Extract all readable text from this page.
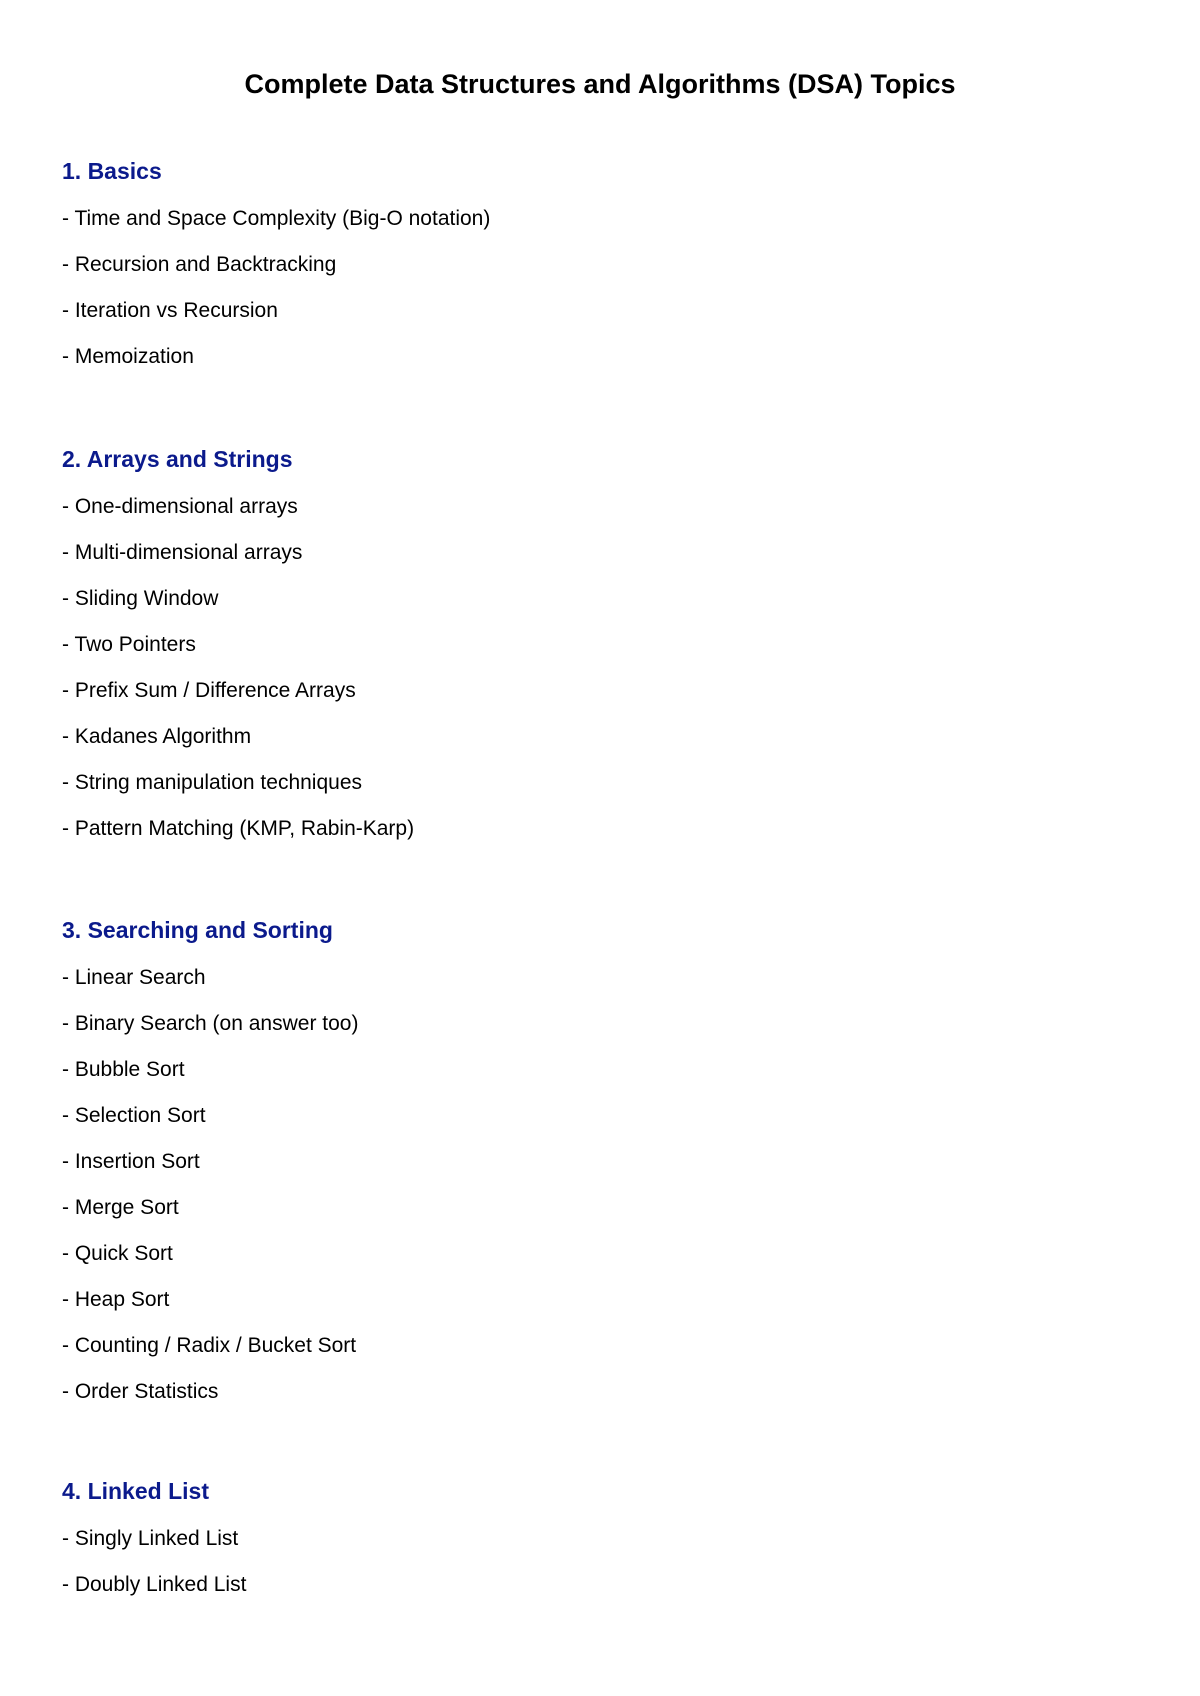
Complete Data Structures and Algorithms (DSA) Topics
1. Basics
- Time and Space Complexity (Big-O notation)
- Recursion and Backtracking
- Iteration vs Recursion
- Memoization
2. Arrays and Strings
- One-dimensional arrays
- Multi-dimensional arrays
- Sliding Window
- Two Pointers
- Prefix Sum / Difference Arrays
- Kadanes Algorithm
- String manipulation techniques
- Pattern Matching (KMP, Rabin-Karp)
3. Searching and Sorting
- Linear Search
- Binary Search (on answer too)
- Bubble Sort
- Selection Sort
- Insertion Sort
- Merge Sort
- Quick Sort
- Heap Sort
- Counting / Radix / Bucket Sort
- Order Statistics
4. Linked List
- Singly Linked List
- Doubly Linked List
